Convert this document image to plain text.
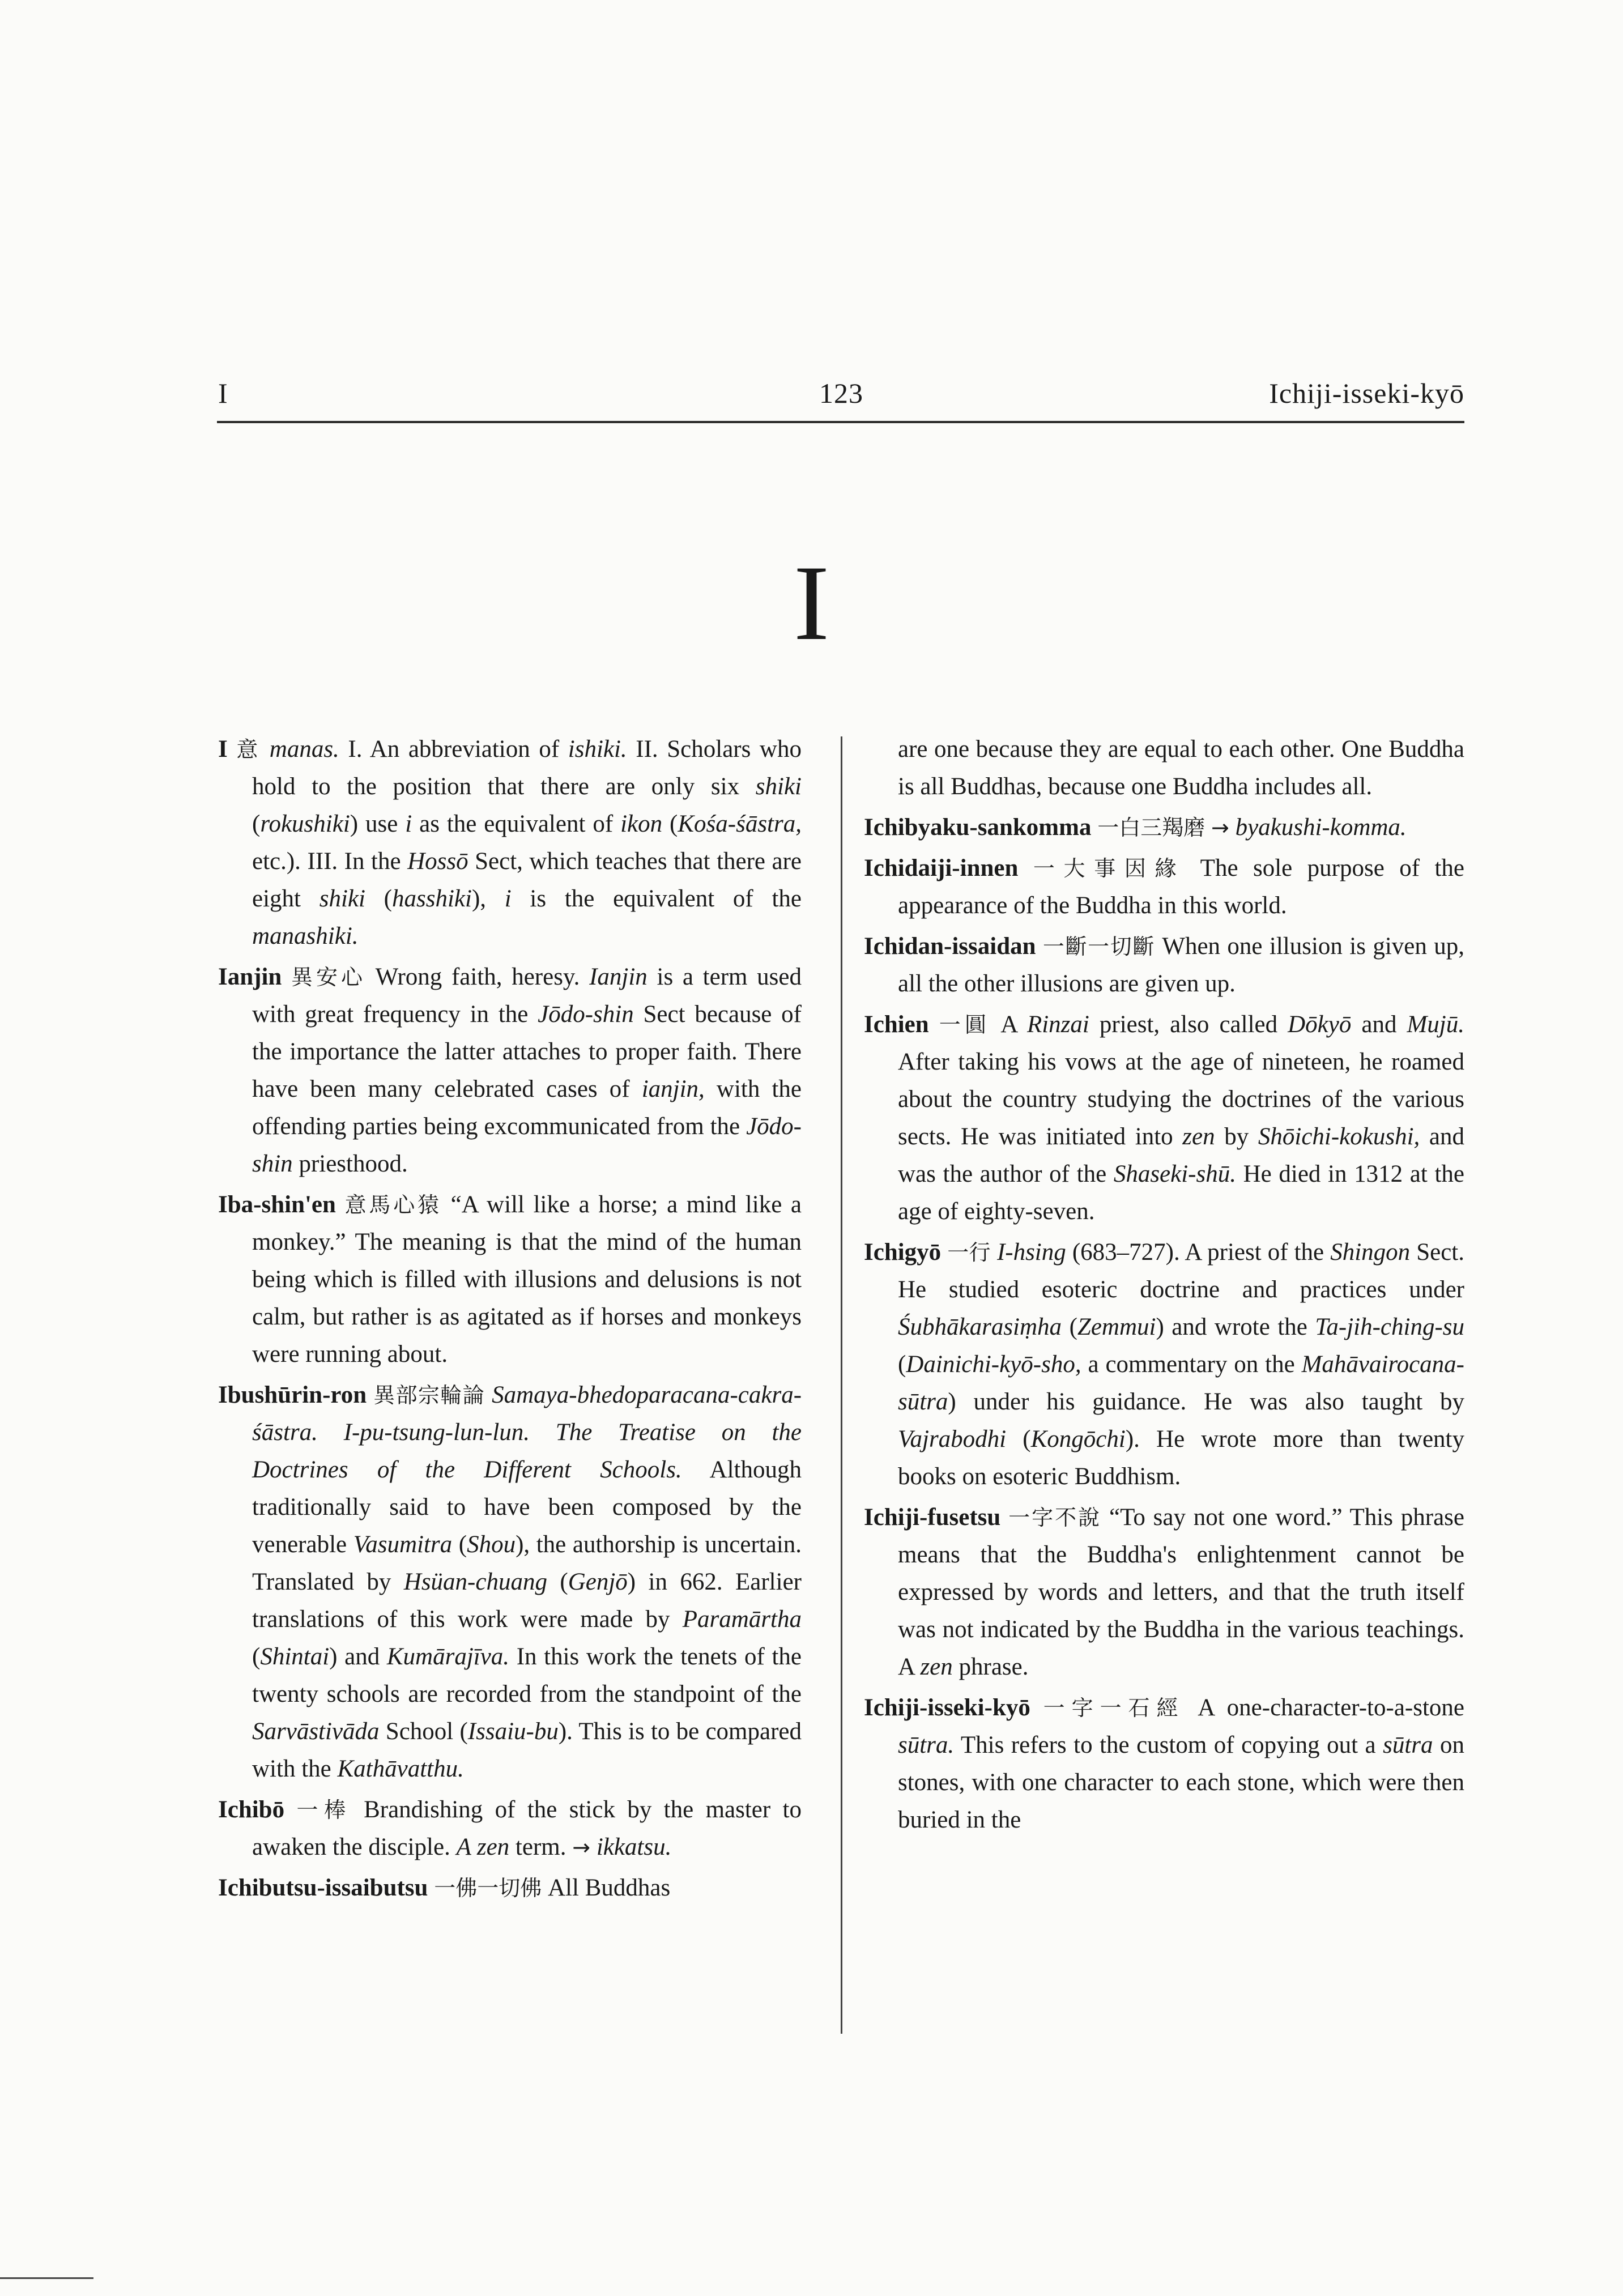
I	123	Ichiji-isseki-kyō
I

I 意 manas. I. An abbreviation of ishiki. II. Scholars who hold to the position that there are only six shiki (rokushiki) use i as the equivalent of ikon (Kośa-śāstra, etc.). III. In the Hossō Sect, which teaches that there are eight shiki (hasshiki), i is the equivalent of the manashiki.

Ianjin 異安心 Wrong faith, heresy. Ianjin is a term used with great frequency in the Jōdo-shin Sect because of the importance the latter attaches to proper faith. There have been many celebrated cases of ianjin, with the offending parties being excommunicated from the Jōdo-shin priesthood.

Iba-shin'en 意馬心猿 “A will like a horse; a mind like a monkey.” The meaning is that the mind of the human being which is filled with illusions and delusions is not calm, but rather is as agitated as if horses and monkeys were running about.

Ibushūrin-ron 異部宗輪論 Samaya-bhedoparacana-cakra-śāstra. I-pu-tsung-lun-lun. The Treatise on the Doctrines of the Different Schools. Although traditionally said to have been composed by the venerable Vasumitra (Shou), the authorship is uncertain. Translated by Hsüan-chuang (Genjō) in 662. Earlier translations of this work were made by Paramārtha (Shintai) and Kumārajīva. In this work the tenets of the twenty schools are recorded from the standpoint of the Sarvāstivāda School (Issaiu-bu). This is to be compared with the Kathāvatthu.

Ichibō 一棒 Brandishing of the stick by the master to awaken the disciple. A zen term. → ikkatsu.

Ichibutsu-issaibutsu 一佛一切佛 All Buddhas

are one because they are equal to each other. One Buddha is all Buddhas, because one Buddha includes all.

Ichibyaku-sankomma 一白三羯磨 → byakushi-komma.

Ichidaiji-innen 一大事因緣 The sole purpose of the appearance of the Buddha in this world.

Ichidan-issaidan 一斷一切斷 When one illusion is given up, all the other illusions are given up.

Ichien 一圓 A Rinzai priest, also called Dōkyō and Mujū. After taking his vows at the age of nineteen, he roamed about the country studying the doctrines of the various sects. He was initiated into zen by Shōichi-kokushi, and was the author of the Shaseki-shū. He died in 1312 at the age of eighty-seven.

Ichigyō 一行 I-hsing (683–727). A priest of the Shingon Sect. He studied esoteric doctrine and practices under Śubhākarasiṃha (Zemmui) and wrote the Ta-jih-ching-su (Dainichi-kyō-sho, a commentary on the Mahāvairocana-sūtra) under his guidance. He was also taught by Vajrabodhi (Kongōchi). He wrote more than twenty books on esoteric Buddhism.

Ichiji-fusetsu 一字不說 “To say not one word.” This phrase means that the Buddha's enlightenment cannot be expressed by words and letters, and that the truth itself was not indicated by the Buddha in the various teachings. A zen phrase.

Ichiji-isseki-kyō 一字一石經 A one-character-to-a-stone sūtra. This refers to the custom of copying out a sūtra on stones, with one character to each stone, which were then buried in the
